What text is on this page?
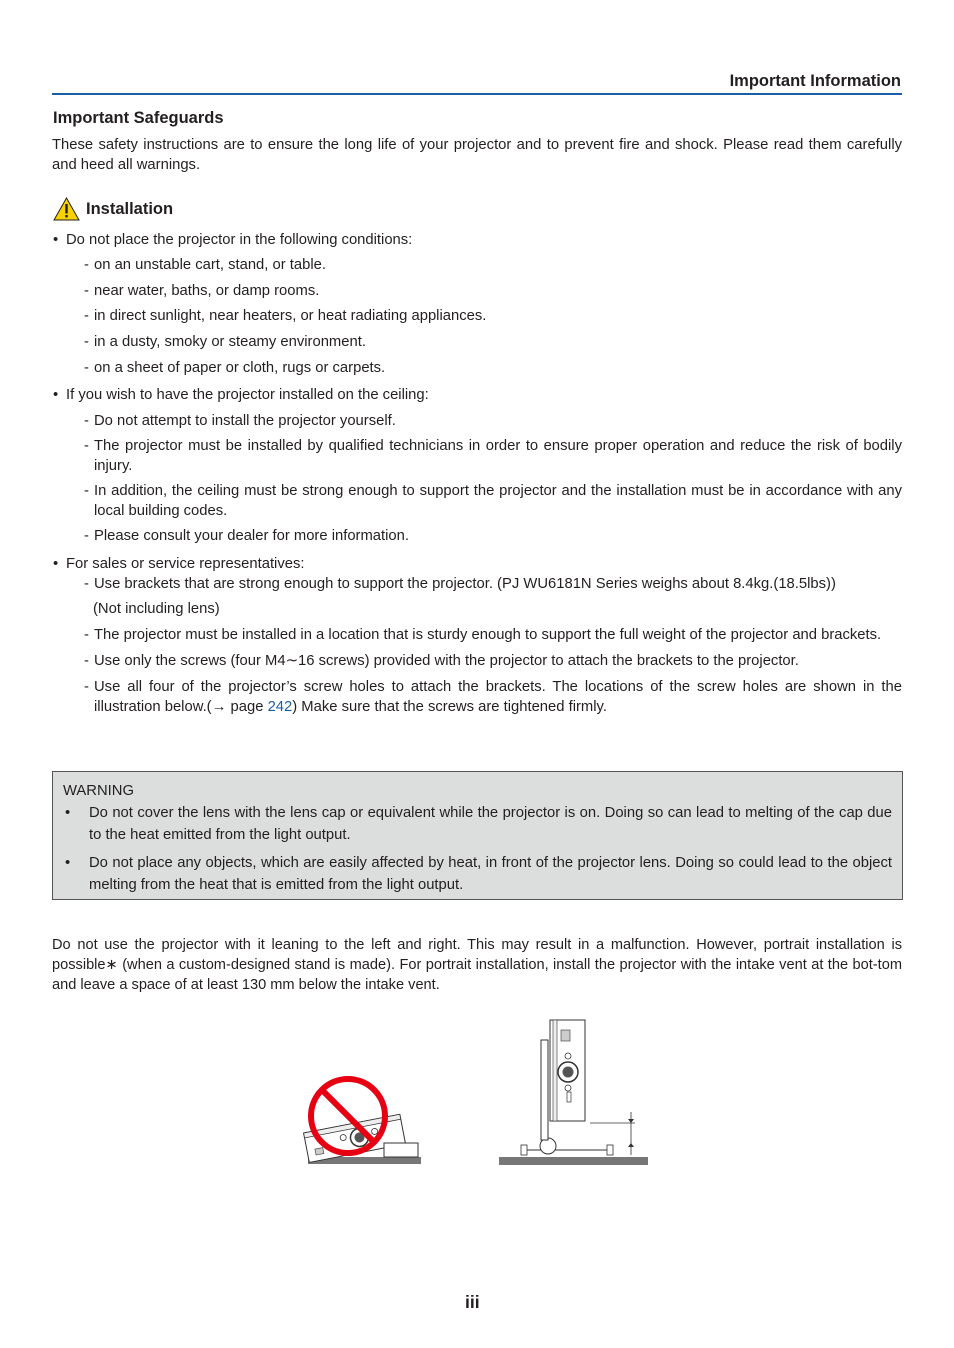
Important Information
Important Safeguards

These safety instructions are to ensure the long life of your projector and to prevent fire and shock. Please read them carefully and heed all warnings.

Installation
• Do not place the projector in the following conditions:
- on an unstable cart, stand, or table.
- near water, baths, or damp rooms.
- in direct sunlight, near heaters, or heat radiating appliances.
- in a dusty, smoky or steamy environment.
- on a sheet of paper or cloth, rugs or carpets.
• If you wish to have the projector installed on the ceiling:
- Do not attempt to install the projector yourself.
- The projector must be installed by qualified technicians in order to ensure proper operation and reduce the risk of bodily injury.
- In addition, the ceiling must be strong enough to support the projector and the installation must be in accordance with any local building codes.
- Please consult your dealer for more information.
• For sales or service representatives:
- Use brackets that are strong enough to support the projector. (PJ WU6181N Series weighs about 8.4kg.(18.5lbs))
(Not including lens)
- The projector must be installed in a location that is sturdy enough to support the full weight of the projector and brackets.
- Use only the screws (four M4∼16 screws) provided with the projector to attach the brackets to the projector.
- Use all four of the projector’s screw holes to attach the brackets. The locations of the screw holes are shown in the illustration below.(→ page 242) Make sure that the screws are tightened firmly.
WARNING
• Do not cover the lens with the lens cap or equivalent while the projector is on. Doing so can lead to melting of the cap due to the heat emitted from the light output.
• Do not place any objects, which are easily affected by heat, in front of the projector lens. Doing so could lead to the object melting from the heat that is emitted from the light output.

Do not use the projector with it leaning to the left and right. This may result in a malfunction. However, portrait installation is possible∗ (when a custom-designed stand is made). For portrait installation, install the projector with the intake vent at the bot-tom and leave a space of at least 130 mm below the intake vent.

iii
